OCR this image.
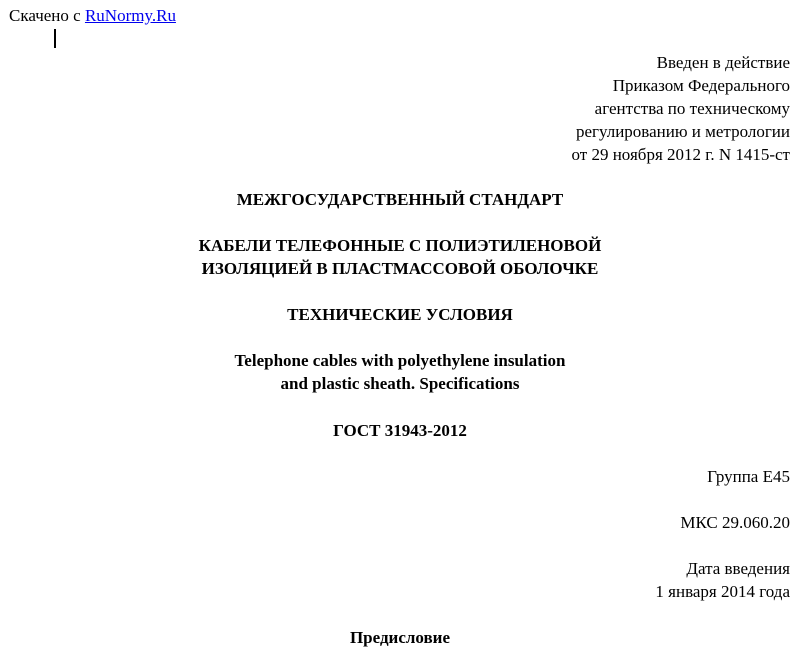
Скачено с RuNormy.Ru
Введен в действие
Приказом Федерального
агентства по техническому
регулированию и метрологии
от 29 ноября 2012 г. N 1415-ст
МЕЖГОСУДАРСТВЕННЫЙ СТАНДАРТ
КАБЕЛИ ТЕЛЕФОННЫЕ С ПОЛИЭТИЛЕНОВОЙ
ИЗОЛЯЦИЕЙ В ПЛАСТМАССОВОЙ ОБОЛОЧКЕ
ТЕХНИЧЕСКИЕ УСЛОВИЯ
Telephone cables with polyethylene insulation
and plastic sheath. Specifications
ГОСТ 31943-2012
Группа Е45
МКС 29.060.20
Дата введения
1 января 2014 года
Предисловие
